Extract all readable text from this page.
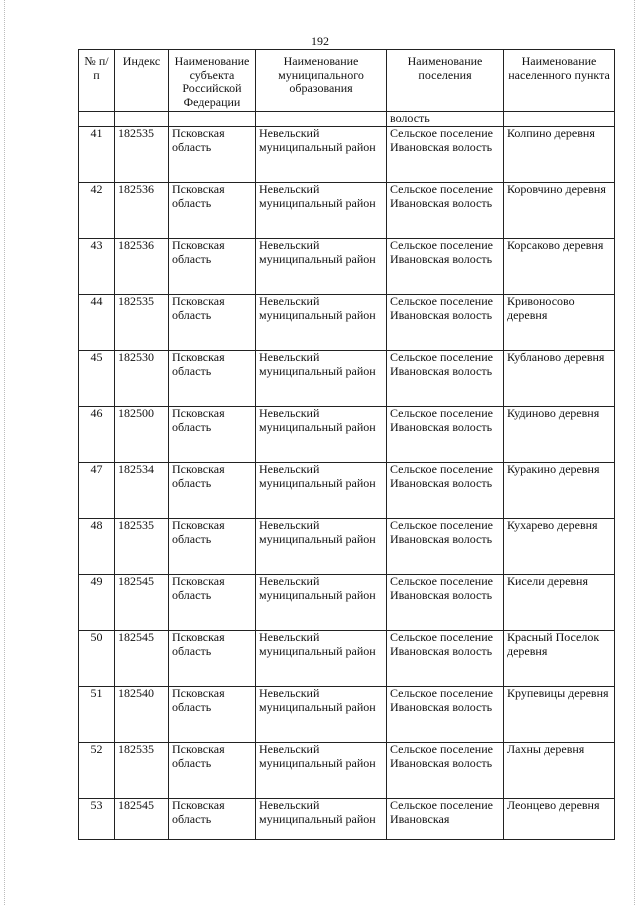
192
№ п/п	Индекс	Наименование субъекта Российской Федерации	Наименование муниципального образования	Наименование поселения	Наименование населенного пункта
				волость	
41	182535	Псковская область	Невельский муниципальный район	Сельское поселение Ивановская волость	Колпино деревня
42	182536	Псковская область	Невельский муниципальный район	Сельское поселение Ивановская волость	Коровчино деревня
43	182536	Псковская область	Невельский муниципальный район	Сельское поселение Ивановская волость	Корсаково деревня
44	182535	Псковская область	Невельский муниципальный район	Сельское поселение Ивановская волость	Кривоносово деревня
45	182530	Псковская область	Невельский муниципальный район	Сельское поселение Ивановская волость	Кубланово деревня
46	182500	Псковская область	Невельский муниципальный район	Сельское поселение Ивановская волость	Кудиново деревня
47	182534	Псковская область	Невельский муниципальный район	Сельское поселение Ивановская волость	Куракино деревня
48	182535	Псковская область	Невельский муниципальный район	Сельское поселение Ивановская волость	Кухарево деревня
49	182545	Псковская область	Невельский муниципальный район	Сельское поселение Ивановская волость	Кисели деревня
50	182545	Псковская область	Невельский муниципальный район	Сельское поселение Ивановская волость	Красный Поселок деревня
51	182540	Псковская область	Невельский муниципальный район	Сельское поселение Ивановская волость	Крупевицы деревня
52	182535	Псковская область	Невельский муниципальный район	Сельское поселение Ивановская волость	Лахны деревня
53	182545	Псковская область	Невельский муниципальный район	Сельское поселение Ивановская	Леонцево деревня
